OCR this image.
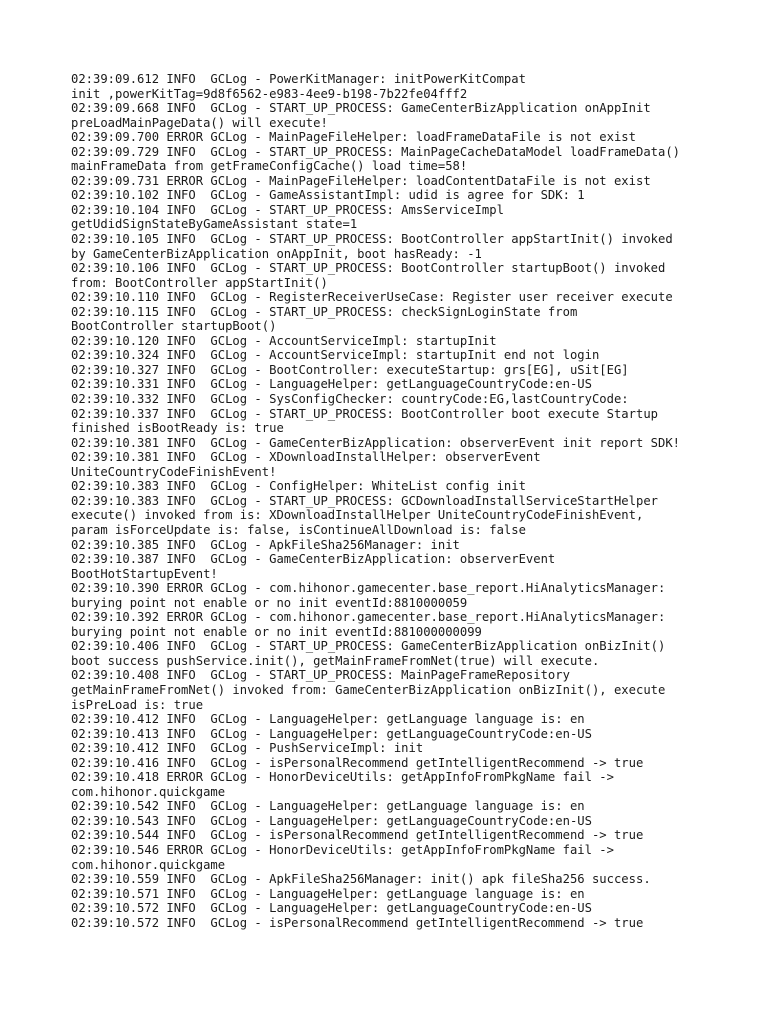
02:39:09.612 INFO  GCLog - PowerKitManager: initPowerKitCompat
init ,powerKitTag=9d8f6562-e983-4ee9-b198-7b22fe04fff2
02:39:09.668 INFO  GCLog - START_UP_PROCESS: GameCenterBizApplication onAppInit
preLoadMainPageData() will execute!
02:39:09.700 ERROR GCLog - MainPageFileHelper: loadFrameDataFile is not exist
02:39:09.729 INFO  GCLog - START_UP_PROCESS: MainPageCacheDataModel loadFrameData()
mainFrameData from getFrameConfigCache() load time=58!
02:39:09.731 ERROR GCLog - MainPageFileHelper: loadContentDataFile is not exist
02:39:10.102 INFO  GCLog - GameAssistantImpl: udid is agree for SDK: 1
02:39:10.104 INFO  GCLog - START_UP_PROCESS: AmsServiceImpl
getUdidSignStateByGameAssistant state=1
02:39:10.105 INFO  GCLog - START_UP_PROCESS: BootController appStartInit() invoked
by GameCenterBizApplication onAppInit, boot hasReady: -1
02:39:10.106 INFO  GCLog - START_UP_PROCESS: BootController startupBoot() invoked
from: BootController appStartInit()
02:39:10.110 INFO  GCLog - RegisterReceiverUseCase: Register user receiver execute
02:39:10.115 INFO  GCLog - START_UP_PROCESS: checkSignLoginState from
BootController startupBoot()
02:39:10.120 INFO  GCLog - AccountServiceImpl: startupInit
02:39:10.324 INFO  GCLog - AccountServiceImpl: startupInit end not login
02:39:10.327 INFO  GCLog - BootController: executeStartup: grs[EG], uSit[EG]
02:39:10.331 INFO  GCLog - LanguageHelper: getLanguageCountryCode:en-US
02:39:10.332 INFO  GCLog - SysConfigChecker: countryCode:EG,lastCountryCode:
02:39:10.337 INFO  GCLog - START_UP_PROCESS: BootController boot execute Startup
finished isBootReady is: true
02:39:10.381 INFO  GCLog - GameCenterBizApplication: observerEvent init report SDK!
02:39:10.381 INFO  GCLog - XDownloadInstallHelper: observerEvent
UniteCountryCodeFinishEvent!
02:39:10.383 INFO  GCLog - ConfigHelper: WhiteList config init
02:39:10.383 INFO  GCLog - START_UP_PROCESS: GCDownloadInstallServiceStartHelper
execute() invoked from is: XDownloadInstallHelper UniteCountryCodeFinishEvent,
param isForceUpdate is: false, isContinueAllDownload is: false
02:39:10.385 INFO  GCLog - ApkFileSha256Manager: init
02:39:10.387 INFO  GCLog - GameCenterBizApplication: observerEvent
BootHotStartupEvent!
02:39:10.390 ERROR GCLog - com.hihonor.gamecenter.base_report.HiAnalyticsManager:
burying point not enable or no init eventId:8810000059
02:39:10.392 ERROR GCLog - com.hihonor.gamecenter.base_report.HiAnalyticsManager:
burying point not enable or no init eventId:881000000099
02:39:10.406 INFO  GCLog - START_UP_PROCESS: GameCenterBizApplication onBizInit()
boot success pushService.init(), getMainFrameFromNet(true) will execute.
02:39:10.408 INFO  GCLog - START_UP_PROCESS: MainPageFrameRepository
getMainFrameFromNet() invoked from: GameCenterBizApplication onBizInit(), execute
isPreLoad is: true
02:39:10.412 INFO  GCLog - LanguageHelper: getLanguage language is: en
02:39:10.413 INFO  GCLog - LanguageHelper: getLanguageCountryCode:en-US
02:39:10.412 INFO  GCLog - PushServiceImpl: init
02:39:10.416 INFO  GCLog - isPersonalRecommend getIntelligentRecommend -> true
02:39:10.418 ERROR GCLog - HonorDeviceUtils: getAppInfoFromPkgName fail ->
com.hihonor.quickgame
02:39:10.542 INFO  GCLog - LanguageHelper: getLanguage language is: en
02:39:10.543 INFO  GCLog - LanguageHelper: getLanguageCountryCode:en-US
02:39:10.544 INFO  GCLog - isPersonalRecommend getIntelligentRecommend -> true
02:39:10.546 ERROR GCLog - HonorDeviceUtils: getAppInfoFromPkgName fail ->
com.hihonor.quickgame
02:39:10.559 INFO  GCLog - ApkFileSha256Manager: init() apk fileSha256 success.
02:39:10.571 INFO  GCLog - LanguageHelper: getLanguage language is: en
02:39:10.572 INFO  GCLog - LanguageHelper: getLanguageCountryCode:en-US
02:39:10.572 INFO  GCLog - isPersonalRecommend getIntelligentRecommend -> true
